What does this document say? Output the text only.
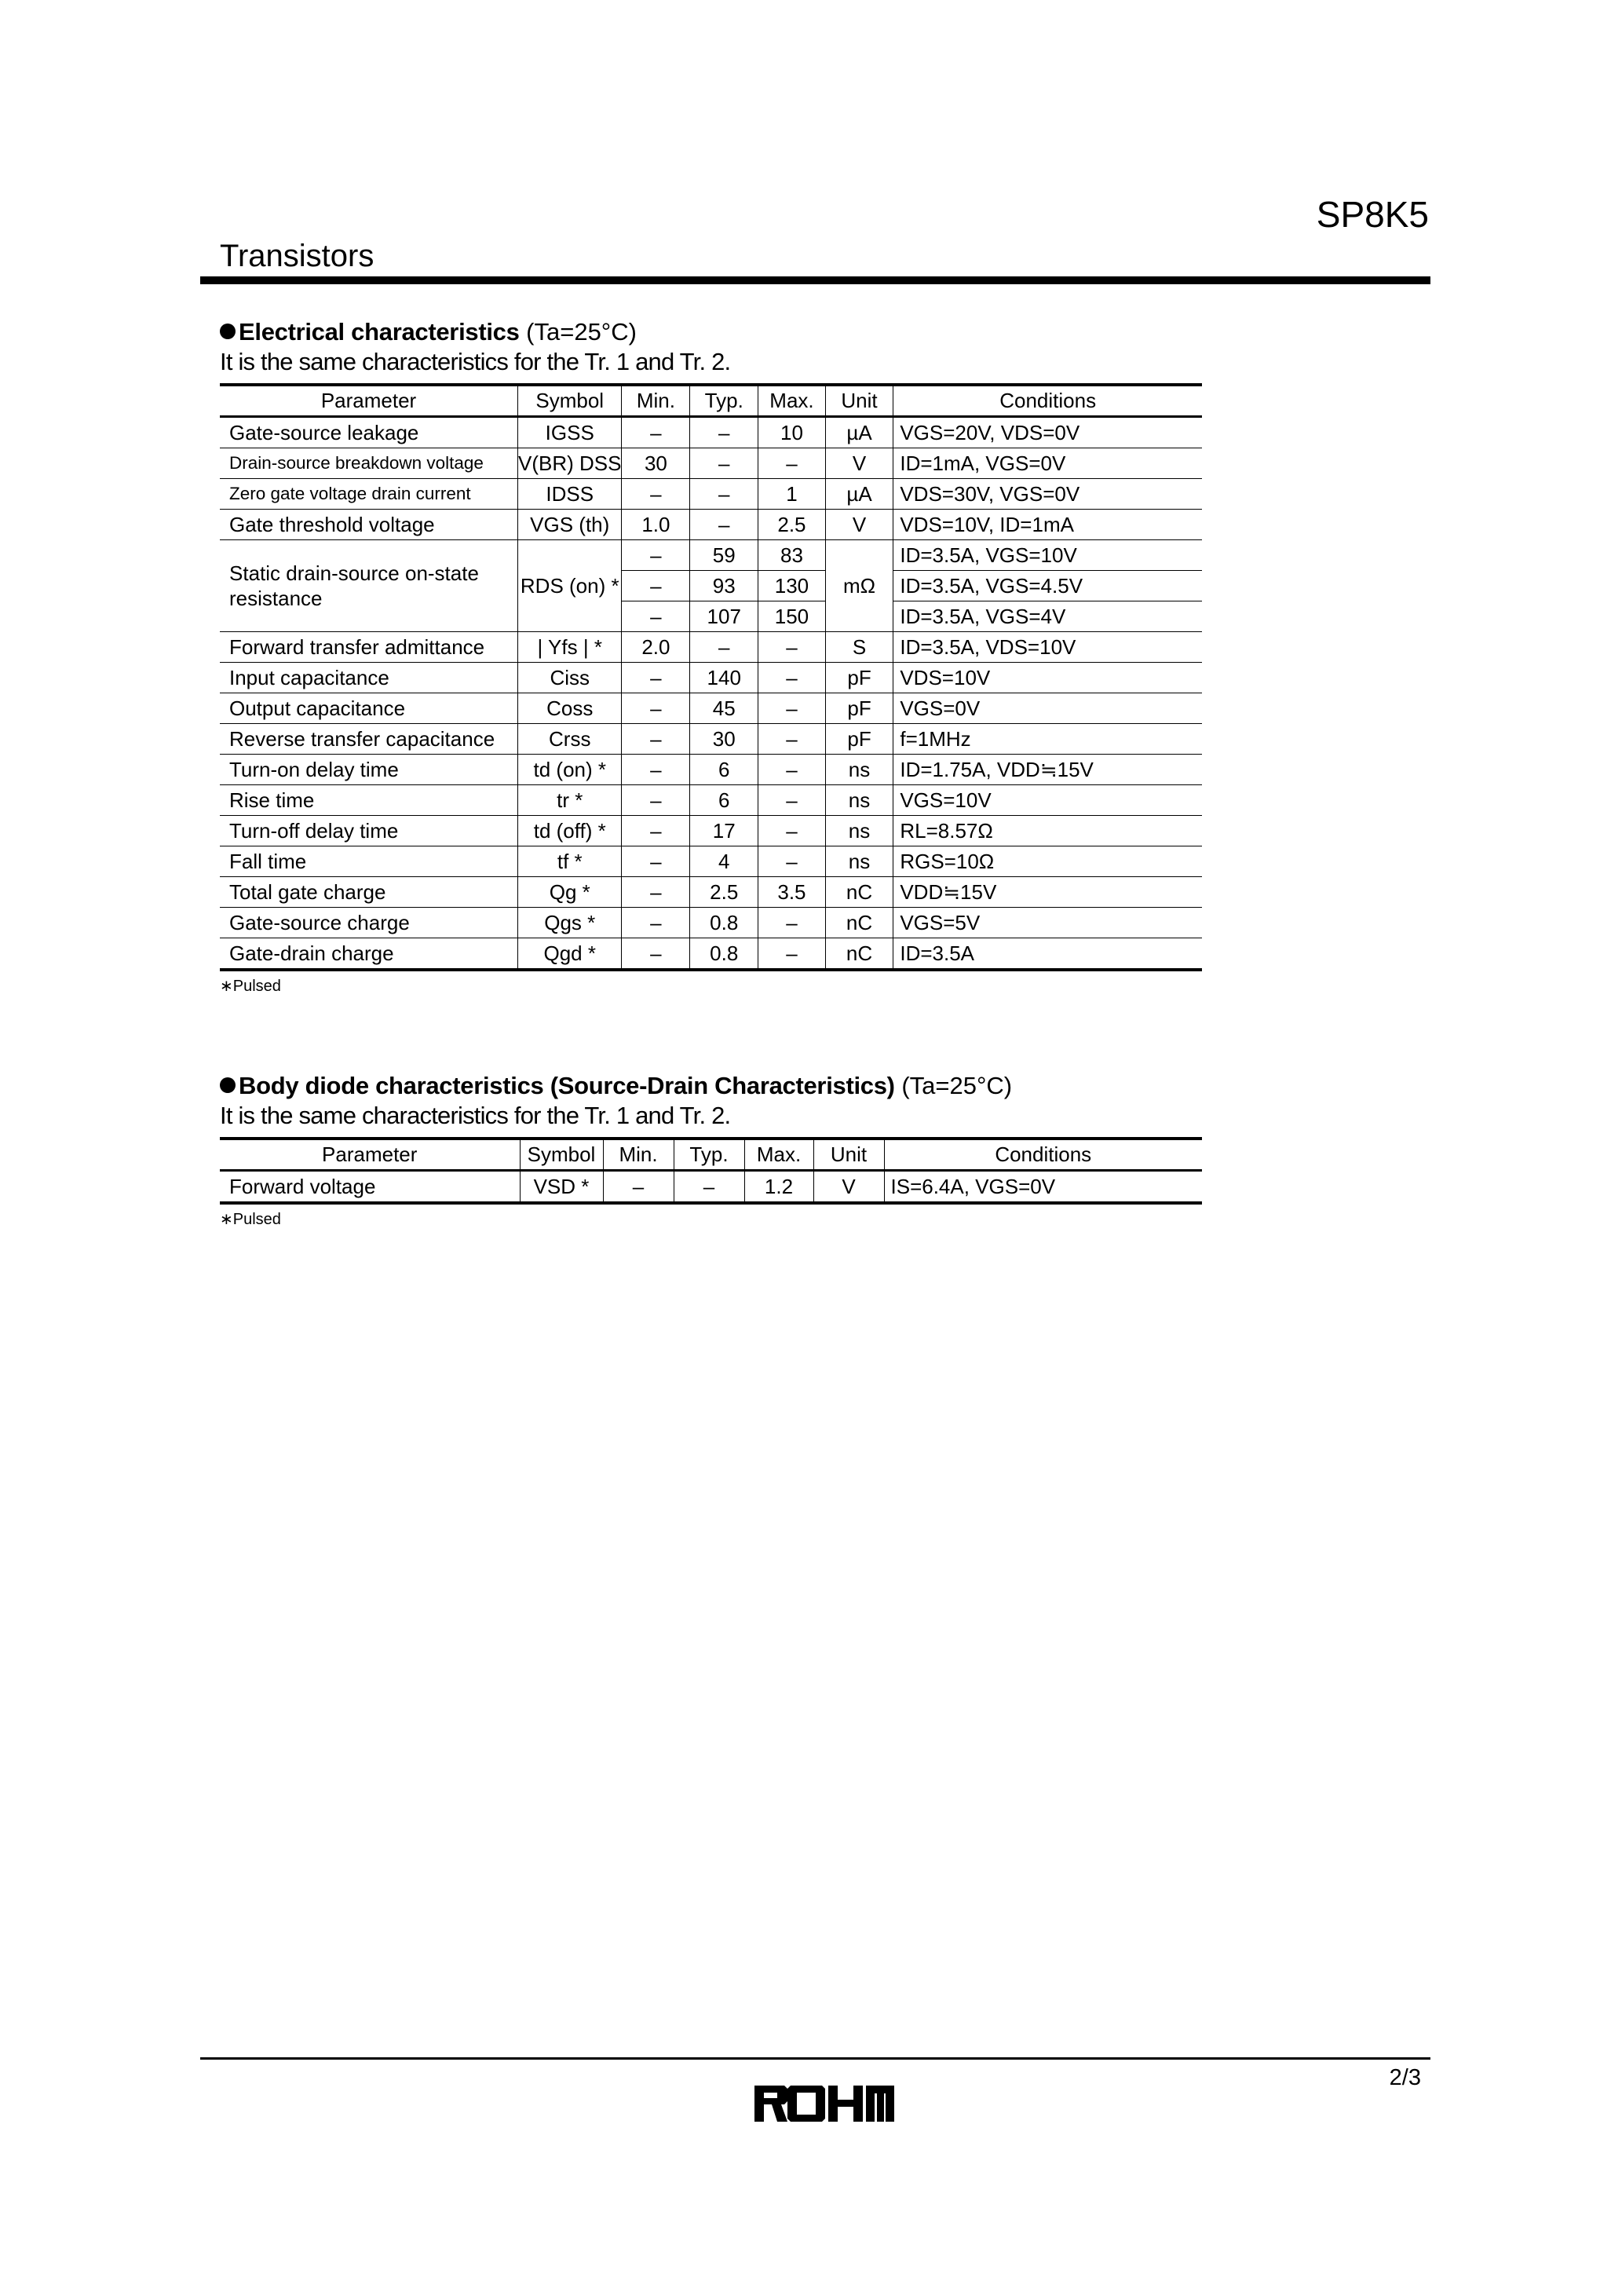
SP8K5
Transistors
Electrical characteristics (Ta=25°C)
It is the same characteristics for the Tr. 1 and Tr. 2.
Parameter	Symbol	Min.	Typ.	Max.	Unit	Conditions
Gate-source leakage	IGSS	–	–	10	µA	VGS=20V, VDS=0V
Drain-source breakdown voltage	V(BR) DSS	30	–	–	V	ID=1mA, VGS=0V
Zero gate voltage drain current	IDSS	–	–	1	µA	VDS=30V, VGS=0V
Gate threshold voltage	VGS (th)	1.0	–	2.5	V	VDS=10V, ID=1mA
Static drain-source on-state resistance	RDS (on) *	–	59	83	mΩ	ID=3.5A, VGS=10V
		–	93	130		ID=3.5A, VGS=4.5V
		–	107	150		ID=3.5A, VGS=4V
Forward transfer admittance	| Yfs | *	2.0	–	–	S	ID=3.5A, VDS=10V
Input capacitance	Ciss	–	140	–	pF	VDS=10V
Output capacitance	Coss	–	45	–	pF	VGS=0V
Reverse transfer capacitance	Crss	–	30	–	pF	f=1MHz
Turn-on delay time	td (on) *	–	6	–	ns	ID=1.75A, VDD≒15V
Rise time	tr *	–	6	–	ns	VGS=10V
Turn-off delay time	td (off) *	–	17	–	ns	RL=8.57Ω
Fall time	tf *	–	4	–	ns	RGS=10Ω
Total gate charge	Qg *	–	2.5	3.5	nC	VDD≒15V
Gate-source charge	Qgs *	–	0.8	–	nC	VGS=5V
Gate-drain charge	Qgd *	–	0.8	–	nC	ID=3.5A
∗Pulsed
Body diode characteristics (Source-Drain Characteristics) (Ta=25°C)
It is the same characteristics for the Tr. 1 and Tr. 2.
Parameter	Symbol	Min.	Typ.	Max.	Unit	Conditions
Forward voltage	VSD *	–	–	1.2	V	IS=6.4A, VGS=0V
∗Pulsed
2/3
